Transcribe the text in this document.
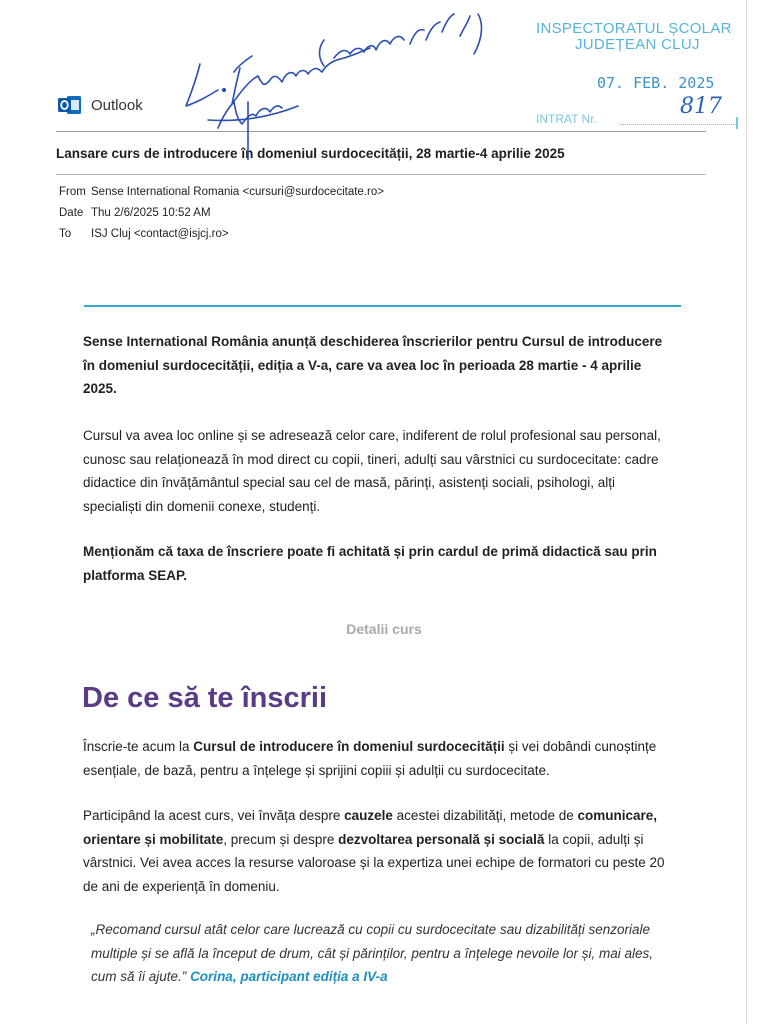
Outlook
Lansare curs de introducere în domeniul surdocecității, 28 martie-4 aprilie 2025
From Sense International Romania <cursuri@surdocecitate.ro>
Date Thu 2/6/2025 10:52 AM
To ISJ Cluj <contact@isjcj.ro>
INSPECTORATUL ȘCOLAR
JUDEȚEAN CLUJ
07. FEB. 2025
INTRAT Nr.	817
Sense International România anunță deschiderea înscrierilor pentru Cursul de introducere în domeniul surdocecității, ediția a V-a, care va avea loc în perioada 28 martie - 4 aprilie 2025.
Cursul va avea loc online și se adresează celor care, indiferent de rolul profesional sau personal, cunosc sau relaționează în mod direct cu copii, tineri, adulți sau vârstnici cu surdocecitate: cadre didactice din învățământul special sau cel de masă, părinți, asistenți sociali, psihologi, alți specialiști din domenii conexe, studenți.
Menționăm că taxa de înscriere poate fi achitată și prin cardul de primă didactică sau prin platforma SEAP.
Detalii curs
De ce să te înscrii
Înscrie-te acum la Cursul de introducere în domeniul surdocecității și vei dobândi cunoștințe esențiale, de bază, pentru a înțelege și sprijini copiii și adulții cu surdocecitate.
Participând la acest curs, vei învăța despre cauzele acestei dizabilități, metode de comunicare, orientare și mobilitate, precum și despre dezvoltarea personală și socială la copii, adulți și vârstnici. Vei avea acces la resurse valoroase și la expertiza unei echipe de formatori cu peste 20 de ani de experiență în domeniu.
„Recomand cursul atât celor care lucrează cu copii cu surdocecitate sau dizabilități senzoriale multiple și se află la început de drum, cât și părinților, pentru a înțelege nevoile lor și, mai ales, cum să îi ajute.” Corina, participant ediția a IV-a
